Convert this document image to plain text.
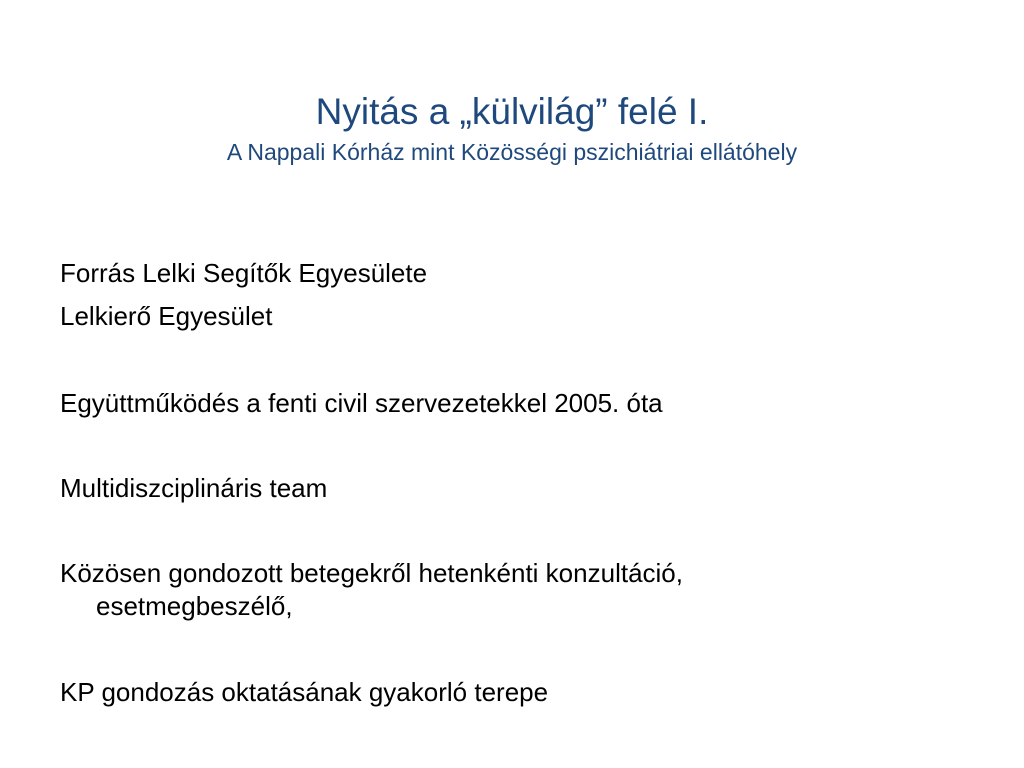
Nyitás a „külvilág” felé I.
A Nappali Kórház mint Közösségi pszichiátriai ellátóhely
Forrás Lelki Segítők Egyesülete
Lelkierő Egyesület
Együttműködés a fenti civil szervezetekkel 2005. óta
Multidiszciplináris team
Közösen gondozott betegekről hetenkénti konzultáció,
esetmegbeszélő,
KP gondozás oktatásának gyakorló terepe
